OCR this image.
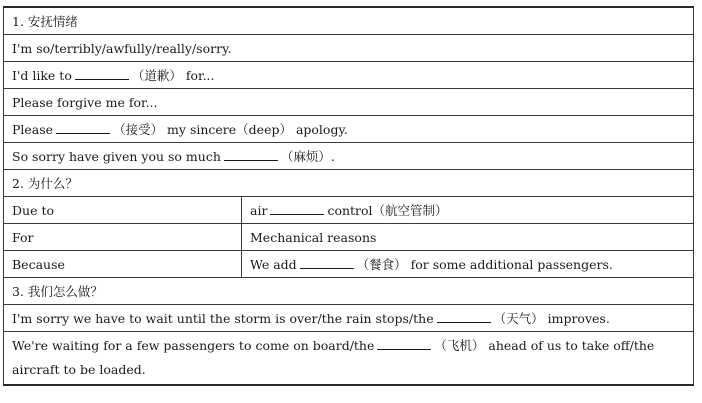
1. 安抚情绪	
I'm so/terribly/awfully/really/sorry.	
I'd like to （道歉） for...	
Please forgive me for...	
Please （接受） my sincere（deep） apology.	
So sorry have given you so much （麻烦）.	
2. 为什么？	
Due to	air control（航空管制）
For	Mechanical reasons
Because	We add （餐食） for some additional passengers.
3. 我们怎么做？	
I'm sorry we have to wait until the storm is over/the rain stops/the （天气） improves.	
We're waiting for a few passengers to come on board/the （飞机） ahead of us to take off/the aircraft to be loaded.	
